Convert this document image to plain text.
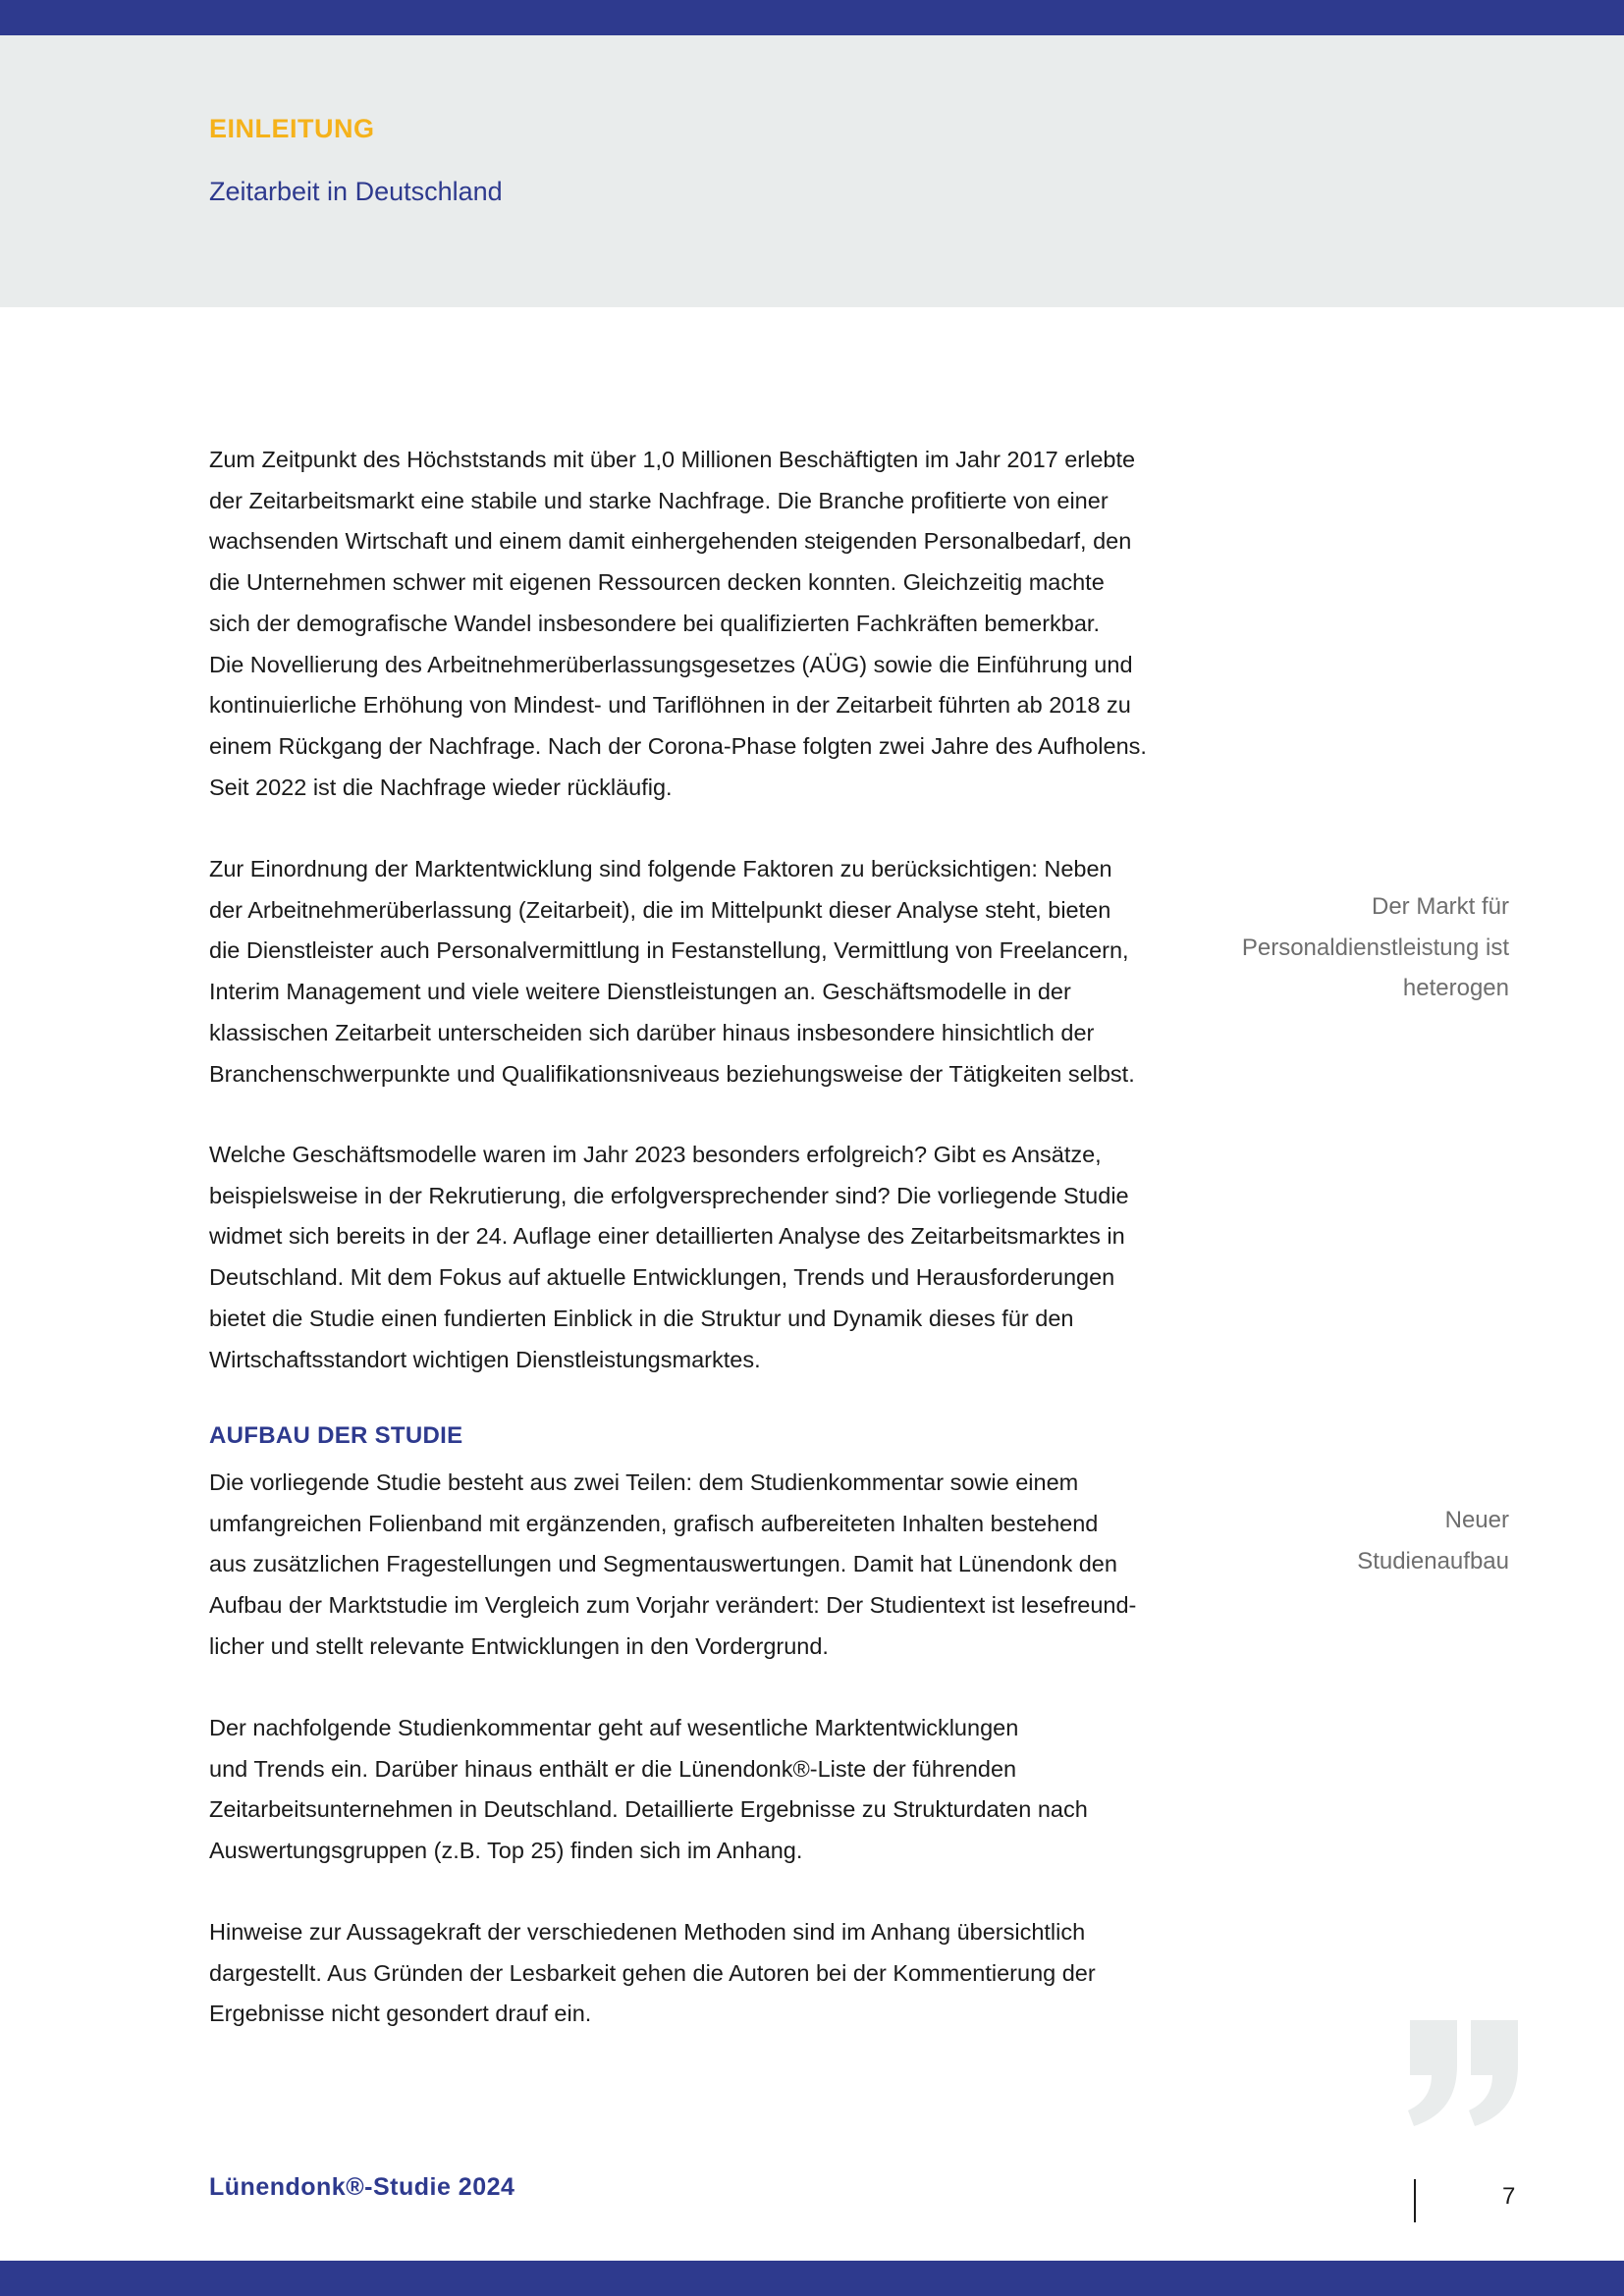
EINLEITUNG
Zeitarbeit in Deutschland

Zum Zeitpunkt des Höchststands mit über 1,0 Millionen Beschäftigten im Jahr 2017 erlebte
der Zeitarbeitsmarkt eine stabile und starke Nachfrage. Die Branche profitierte von einer
wachsenden Wirtschaft und einem damit einhergehenden steigenden Personalbedarf, den
die Unternehmen schwer mit eigenen Ressourcen decken konnten. Gleichzeitig machte
sich der demografische Wandel insbesondere bei qualifizierten Fachkräften bemerkbar.
Die Novellierung des Arbeitnehmerüberlassungsgesetzes (AÜG) sowie die Einführung und
kontinuierliche Erhöhung von Mindest- und Tariflöhnen in der Zeitarbeit führten ab 2018 zu
einem Rückgang der Nachfrage. Nach der Corona-Phase folgten zwei Jahre des Aufholens.
Seit 2022 ist die Nachfrage wieder rückläufig.

Zur Einordnung der Marktentwicklung sind folgende Faktoren zu berücksichtigen: Neben
der Arbeitnehmerüberlassung (Zeitarbeit), die im Mittelpunkt dieser Analyse steht, bieten
die Dienstleister auch Personalvermittlung in Festanstellung, Vermittlung von Freelancern,
Interim Management und viele weitere Dienstleistungen an. Geschäftsmodelle in der
klassischen Zeitarbeit unterscheiden sich darüber hinaus insbesondere hinsichtlich der
Branchenschwerpunkte und Qualifikationsniveaus beziehungsweise der Tätigkeiten selbst.

Der Markt für
Personaldienstleistung ist
heterogen

Welche Geschäftsmodelle waren im Jahr 2023 besonders erfolgreich? Gibt es Ansätze,
beispielsweise in der Rekrutierung, die erfolgversprechender sind? Die vorliegende Studie
widmet sich bereits in der 24. Auflage einer detaillierten Analyse des Zeitarbeitsmarktes in
Deutschland. Mit dem Fokus auf aktuelle Entwicklungen, Trends und Herausforderungen
bietet die Studie einen fundierten Einblick in die Struktur und Dynamik dieses für den
Wirtschaftsstandort wichtigen Dienstleistungsmarktes.

AUFBAU DER STUDIE

Die vorliegende Studie besteht aus zwei Teilen: dem Studienkommentar sowie einem
umfangreichen Folienband mit ergänzenden, grafisch aufbereiteten Inhalten bestehend
aus zusätzlichen Fragestellungen und Segmentauswertungen. Damit hat Lünendonk den
Aufbau der Marktstudie im Vergleich zum Vorjahr verändert: Der Studientext ist lesefreund-
licher und stellt relevante Entwicklungen in den Vordergrund.

Neuer
Studienaufbau

Der nachfolgende Studienkommentar geht auf wesentliche Marktentwicklungen
und Trends ein. Darüber hinaus enthält er die Lünendonk®-Liste der führenden
Zeitarbeitsunternehmen in Deutschland. Detaillierte Ergebnisse zu Strukturdaten nach
Auswertungsgruppen (z.B. Top 25) finden sich im Anhang.

Hinweise zur Aussagekraft der verschiedenen Methoden sind im Anhang übersichtlich
dargestellt. Aus Gründen der Lesbarkeit gehen die Autoren bei der Kommentierung der
Ergebnisse nicht gesondert drauf ein.

Lünendonk®-Studie 2024	7
